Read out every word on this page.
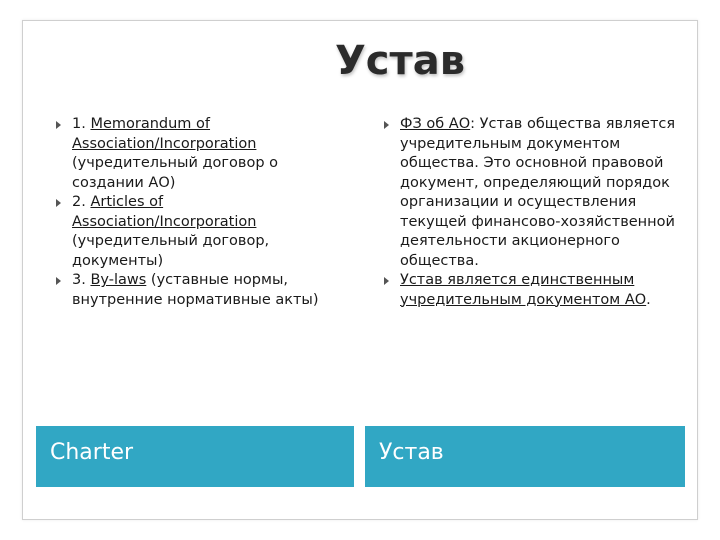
Устав

1. Memorandum of Association/Incorporation (учредительный договор о создании АО)

2. Articles of Association/Incorporation (учредительный договор, документы)

3. By-laws (уставные нормы, внутренние нормативные акты)

ФЗ об АО: Устав общества является учредительным документом общества. Это основной правовой документ, определяющий порядок организации и осуществления текущей финансово-хозяйственной деятельности акционерного общества.

Устав является единственным учредительным документом АО.

Charter	Устав
